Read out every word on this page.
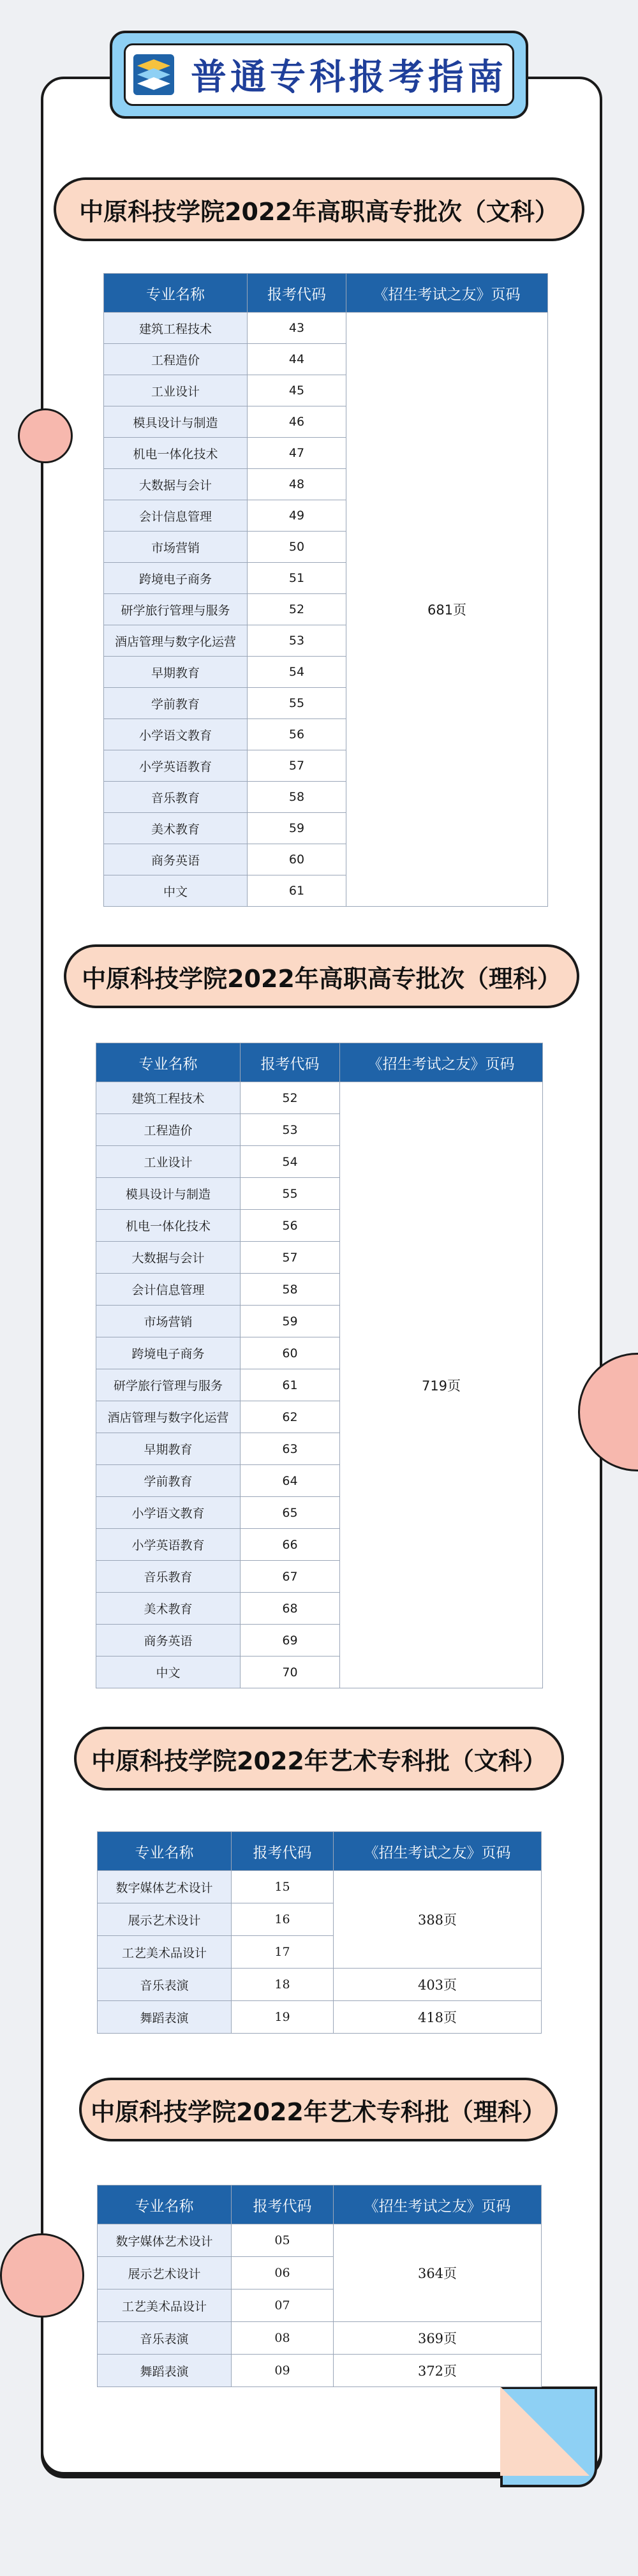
普通专科报考指南
中原科技学院2022年高职高专批次（文科）
专业名称	报考代码	《招生考试之友》页码
建筑工程技术	43	681页
工程造价	44	
工业设计	45	
模具设计与制造	46	
机电一体化技术	47	
大数据与会计	48	
会计信息管理	49	
市场营销	50	
跨境电子商务	51	
研学旅行管理与服务	52	
酒店管理与数字化运营	53	
早期教育	54	
学前教育	55	
小学语文教育	56	
小学英语教育	57	
音乐教育	58	
美术教育	59	
商务英语	60	
中文	61	
中原科技学院2022年高职高专批次（理科）
专业名称	报考代码	《招生考试之友》页码
建筑工程技术	52	719页
工程造价	53	
工业设计	54	
模具设计与制造	55	
机电一体化技术	56	
大数据与会计	57	
会计信息管理	58	
市场营销	59	
跨境电子商务	60	
研学旅行管理与服务	61	
酒店管理与数字化运营	62	
早期教育	63	
学前教育	64	
小学语文教育	65	
小学英语教育	66	
音乐教育	67	
美术教育	68	
商务英语	69	
中文	70	
中原科技学院2022年艺术专科批（文科）
专业名称	报考代码	《招生考试之友》页码
数字媒体艺术设计	15	388页
展示艺术设计	16	
工艺美术品设计	17	
音乐表演	18	403页
舞蹈表演	19	418页
中原科技学院2022年艺术专科批（理科）
专业名称	报考代码	《招生考试之友》页码
数字媒体艺术设计	05	364页
展示艺术设计	06	
工艺美术品设计	07	
音乐表演	08	369页
舞蹈表演	09	372页
